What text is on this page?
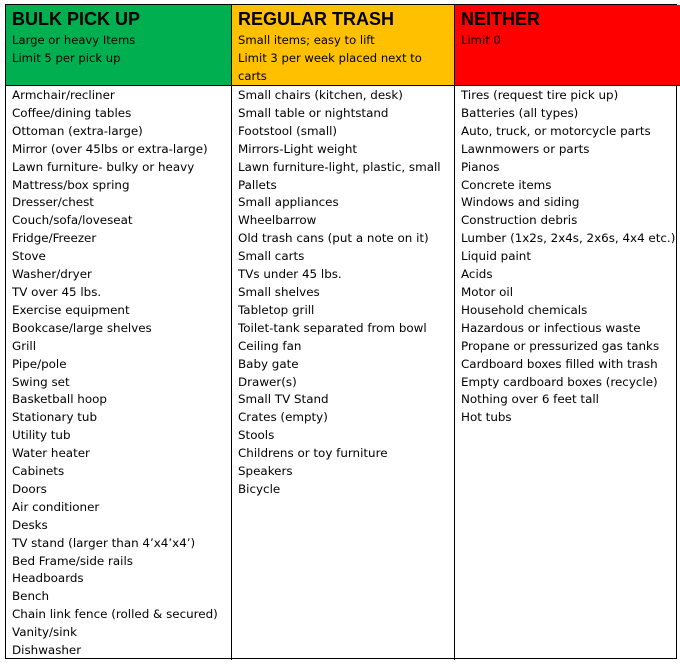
BULK PICK UP
Large or heavy Items
Limit 5 per pick up
REGULAR TRASH
Small items; easy to lift
Limit 3 per week placed next to
carts
NEITHER
Limit 0
Armchair/recliner
Coffee/dining tables
Ottoman (extra-large)
Mirror (over 45lbs or extra-large)
Lawn furniture- bulky or heavy
Mattress/box spring
Dresser/chest
Couch/sofa/loveseat
Fridge/Freezer
Stove
Washer/dryer
TV over 45 lbs.
Exercise equipment
Bookcase/large shelves
Grill
Pipe/pole
Swing set
Basketball hoop
Stationary tub
Utility tub
Water heater
Cabinets
Doors
Air conditioner
Desks
TV stand (larger than 4’x4’x4’)
Bed Frame/side rails
Headboards
Bench
Chain link fence (rolled & secured)
Vanity/sink
Dishwasher
Small chairs (kitchen, desk)
Small table or nightstand
Footstool (small)
Mirrors-Light weight
Lawn furniture-light, plastic, small
Pallets
Small appliances
Wheelbarrow
Old trash cans (put a note on it)
Small carts
TVs under 45 lbs.
Small shelves
Tabletop grill
Toilet-tank separated from bowl
Ceiling fan
Baby gate
Drawer(s)
Small TV Stand
Crates (empty)
Stools
Childrens or toy furniture
Speakers
Bicycle
Tires (request tire pick up)
Batteries (all types)
Auto, truck, or motorcycle parts
Lawnmowers or parts
Pianos
Concrete items
Windows and siding
Construction debris
Lumber (1x2s, 2x4s, 2x6s, 4x4 etc.)
Liquid paint
Acids
Motor oil
Household chemicals
Hazardous or infectious waste
Propane or pressurized gas tanks
Cardboard boxes filled with trash
Empty cardboard boxes (recycle)
Nothing over 6 feet tall
Hot tubs
